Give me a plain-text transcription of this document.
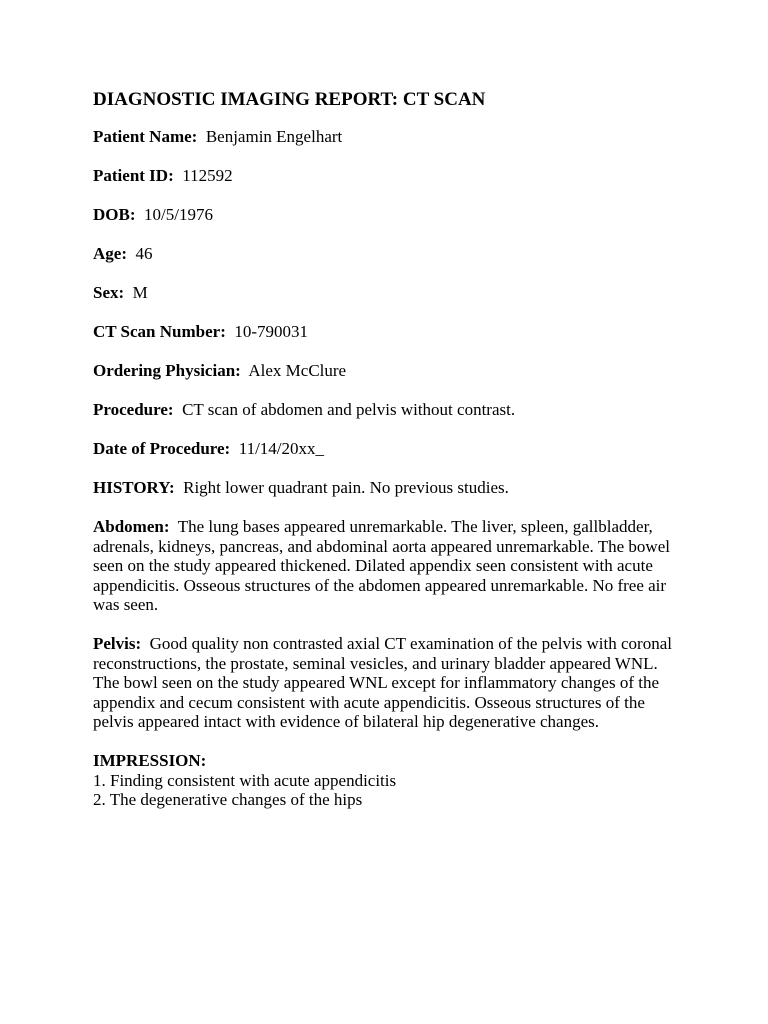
DIAGNOSTIC IMAGING REPORT: CT SCAN
Patient Name: Benjamin Engelhart
Patient ID: 112592
DOB: 10/5/1976
Age: 46
Sex: M
CT Scan Number: 10-790031
Ordering Physician: Alex McClure
Procedure: CT scan of abdomen and pelvis without contrast.
Date of Procedure: 11/14/20xx_
HISTORY: Right lower quadrant pain. No previous studies.
Abdomen: The lung bases appeared unremarkable. The liver, spleen, gallbladder, adrenals, kidneys, pancreas, and abdominal aorta appeared unremarkable. The bowel seen on the study appeared thickened. Dilated appendix seen consistent with acute appendicitis. Osseous structures of the abdomen appeared unremarkable. No free air was seen.
Pelvis: Good quality non contrasted axial CT examination of the pelvis with coronal reconstructions, the prostate, seminal vesicles, and urinary bladder appeared WNL. The bowl seen on the study appeared WNL except for inflammatory changes of the appendix and cecum consistent with acute appendicitis. Osseous structures of the pelvis appeared intact with evidence of bilateral hip degenerative changes.
IMPRESSION:
1. Finding consistent with acute appendicitis
2. The degenerative changes of the hips
